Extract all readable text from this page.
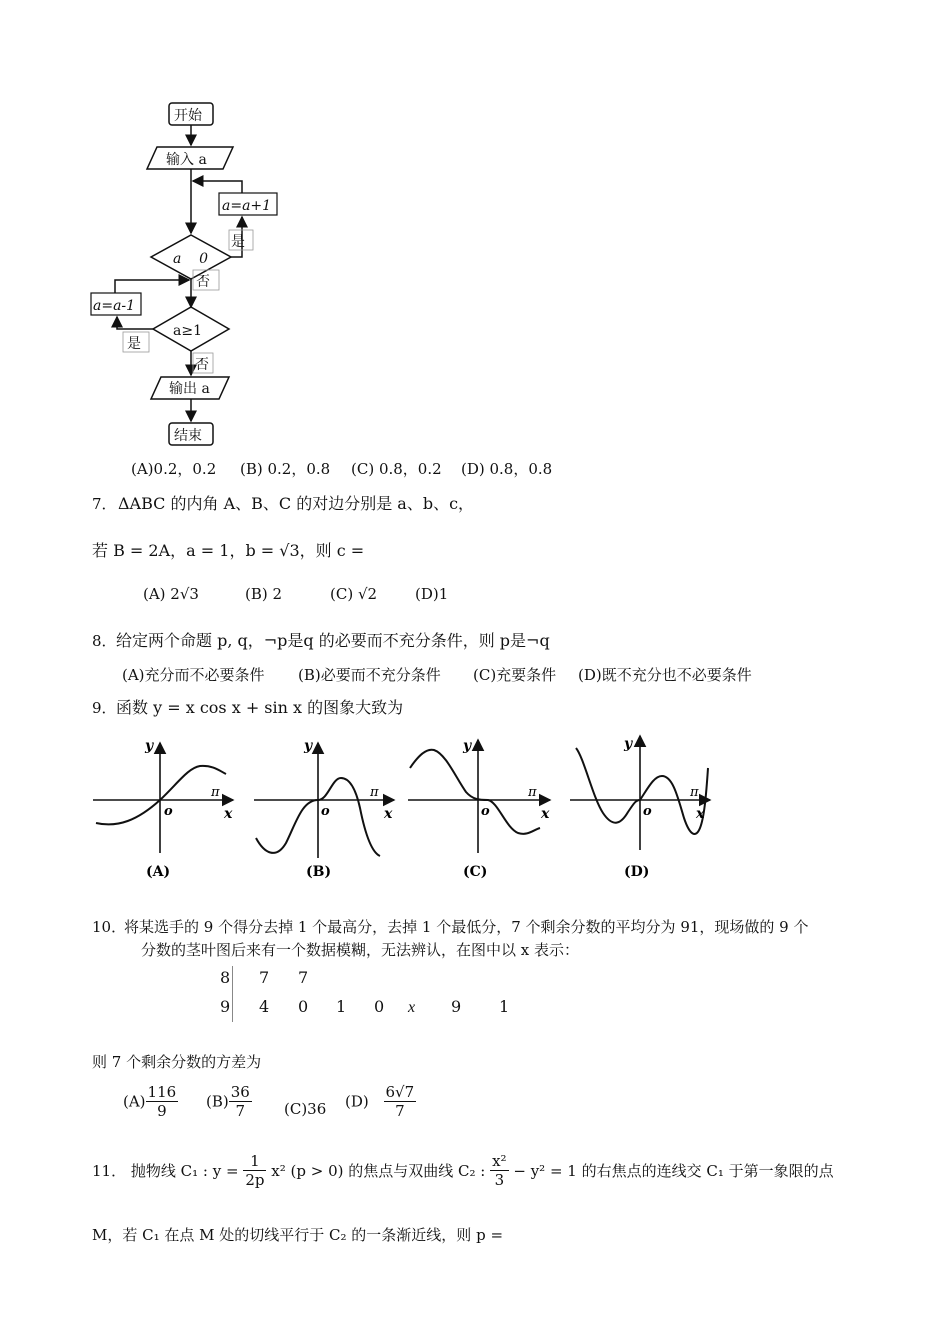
开始
输入 a
a=a+1
a    0
是
否
a=a-1
a≥1
是
否
输出 a
结束
(A)0.2，0.2 (B) 0.2，0.8 (C) 0.8，0.2 (D) 0.8，0.8
7． ΔABC 的内角 A、B、C 的对边分别是 a、b、c，
若 B = 2A，a = 1，b = √3，则 c =
(A) 2√3	(B) 2	(C) √2	(D)1
8． 给定两个命题 p, q，¬p是q 的必要而不充分条件，则 p是¬q
(A)充分而不必要条件 (B)必要而不充分条件 (C)充要条件 (D)既不充分也不必要条件
9． 函数 y = x cos x + sin x 的图象大致为
y
o
π
x
(A)
y
o
π
x
(B)
y
o
π
x
(C)
y
o
π
x
(D)
10．
将某选手的 9 个得分去掉 1 个最高分，去掉 1 个最低分，7 个剩余分数的平均分为 91，现场做的 9 个
分数的茎叶图后来有一个数据模糊，无法辨认，在图中以 x 表示：
8 7 7
9 4 0 1 0 x 9 1
则 7 个剩余分数的方差为
$(A) \frac{116}{9} (B) \frac{36}{7} (C)36$ $(D) \frac{6√7}{7}$
11． 抛物线 C₁ : $y = \frac{1}{2p} x^2$ (p > 0) 的焦点与双曲线 C₂ : $\frac{\text{x²}}{3} - y^2 = 1$ 的右焦点的连线交 C₁ 于第一象限的点
M，若 C₁ 在点 M 处的切线平行于 C₂ 的一条渐近线，则 p =
